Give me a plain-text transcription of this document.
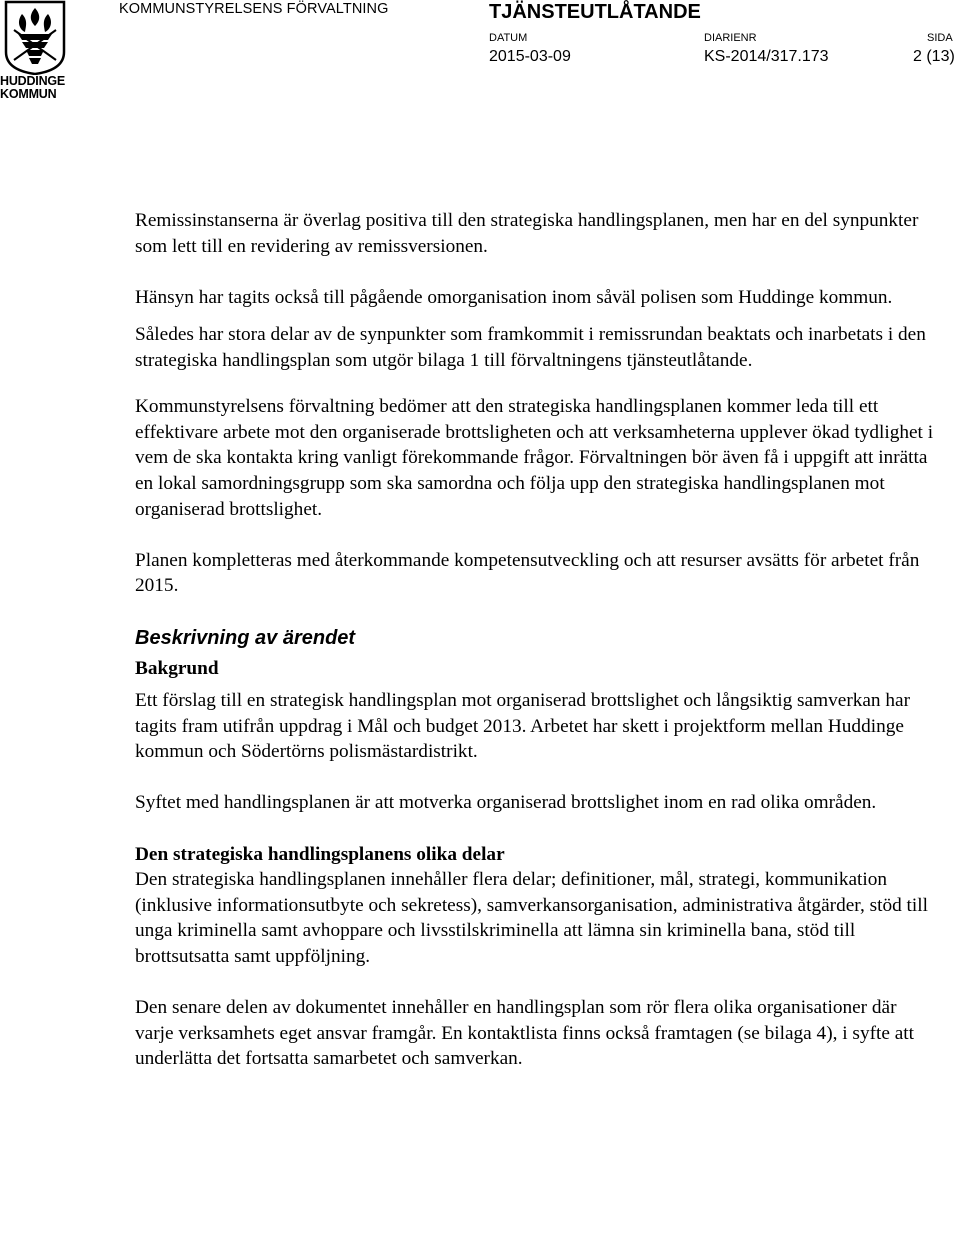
HUDDINGE
KOMMUN
KOMMUNSTYRELSENS FÖRVALTNING	TJÄNSTEUTLÅTANDE
DATUM
2015-03-09
DIARIENR
KS-2014/317.173
SIDA
2 (13)

Remissinstanserna är överlag positiva till den strategiska handlingsplanen, men har en del synpunkter som lett till en revidering av remissversionen.

Hänsyn har tagits också till pågående omorganisation inom såväl polisen som Huddinge kommun.

Således har stora delar av de synpunkter som framkommit i remissrundan beaktats och inarbetats i den strategiska handlingsplan som utgör bilaga 1 till förvaltningens tjänsteutlåtande.

Kommunstyrelsens förvaltning bedömer att den strategiska handlingsplanen kommer leda till ett effektivare arbete mot den organiserade brottsligheten och att verksamheterna upplever ökad tydlighet i vem de ska kontakta kring vanligt förekommande frågor. Förvaltningen bör även få i uppgift att inrätta en lokal samordningsgrupp som ska samordna och följa upp den strategiska handlingsplanen mot organiserad brottslighet.

Planen kompletteras med återkommande kompetensutveckling och att resurser avsätts för arbetet från 2015.

Beskrivning av ärendet
Bakgrund

Ett förslag till en strategisk handlingsplan mot organiserad brottslighet och långsiktig samverkan har tagits fram utifrån uppdrag i Mål och budget 2013. Arbetet har skett i projektform mellan Huddinge kommun och Södertörns polismästardistrikt.

Syftet med handlingsplanen är att motverka organiserad brottslighet inom en rad olika områden.

Den strategiska handlingsplanens olika delar
Den strategiska handlingsplanen innehåller flera delar; definitioner, mål, strategi, kommunikation (inklusive informationsutbyte och sekretess), samverkansorganisation, administrativa åtgärder, stöd till unga kriminella samt avhoppare och livsstilskriminella att lämna sin kriminella bana, stöd till brottsutsatta samt uppföljning.

Den senare delen av dokumentet innehåller en handlingsplan som rör flera olika organisationer där varje verksamhets eget ansvar framgår. En kontaktlista finns också framtagen (se bilaga 4), i syfte att underlätta det fortsatta samarbetet och samverkan.
